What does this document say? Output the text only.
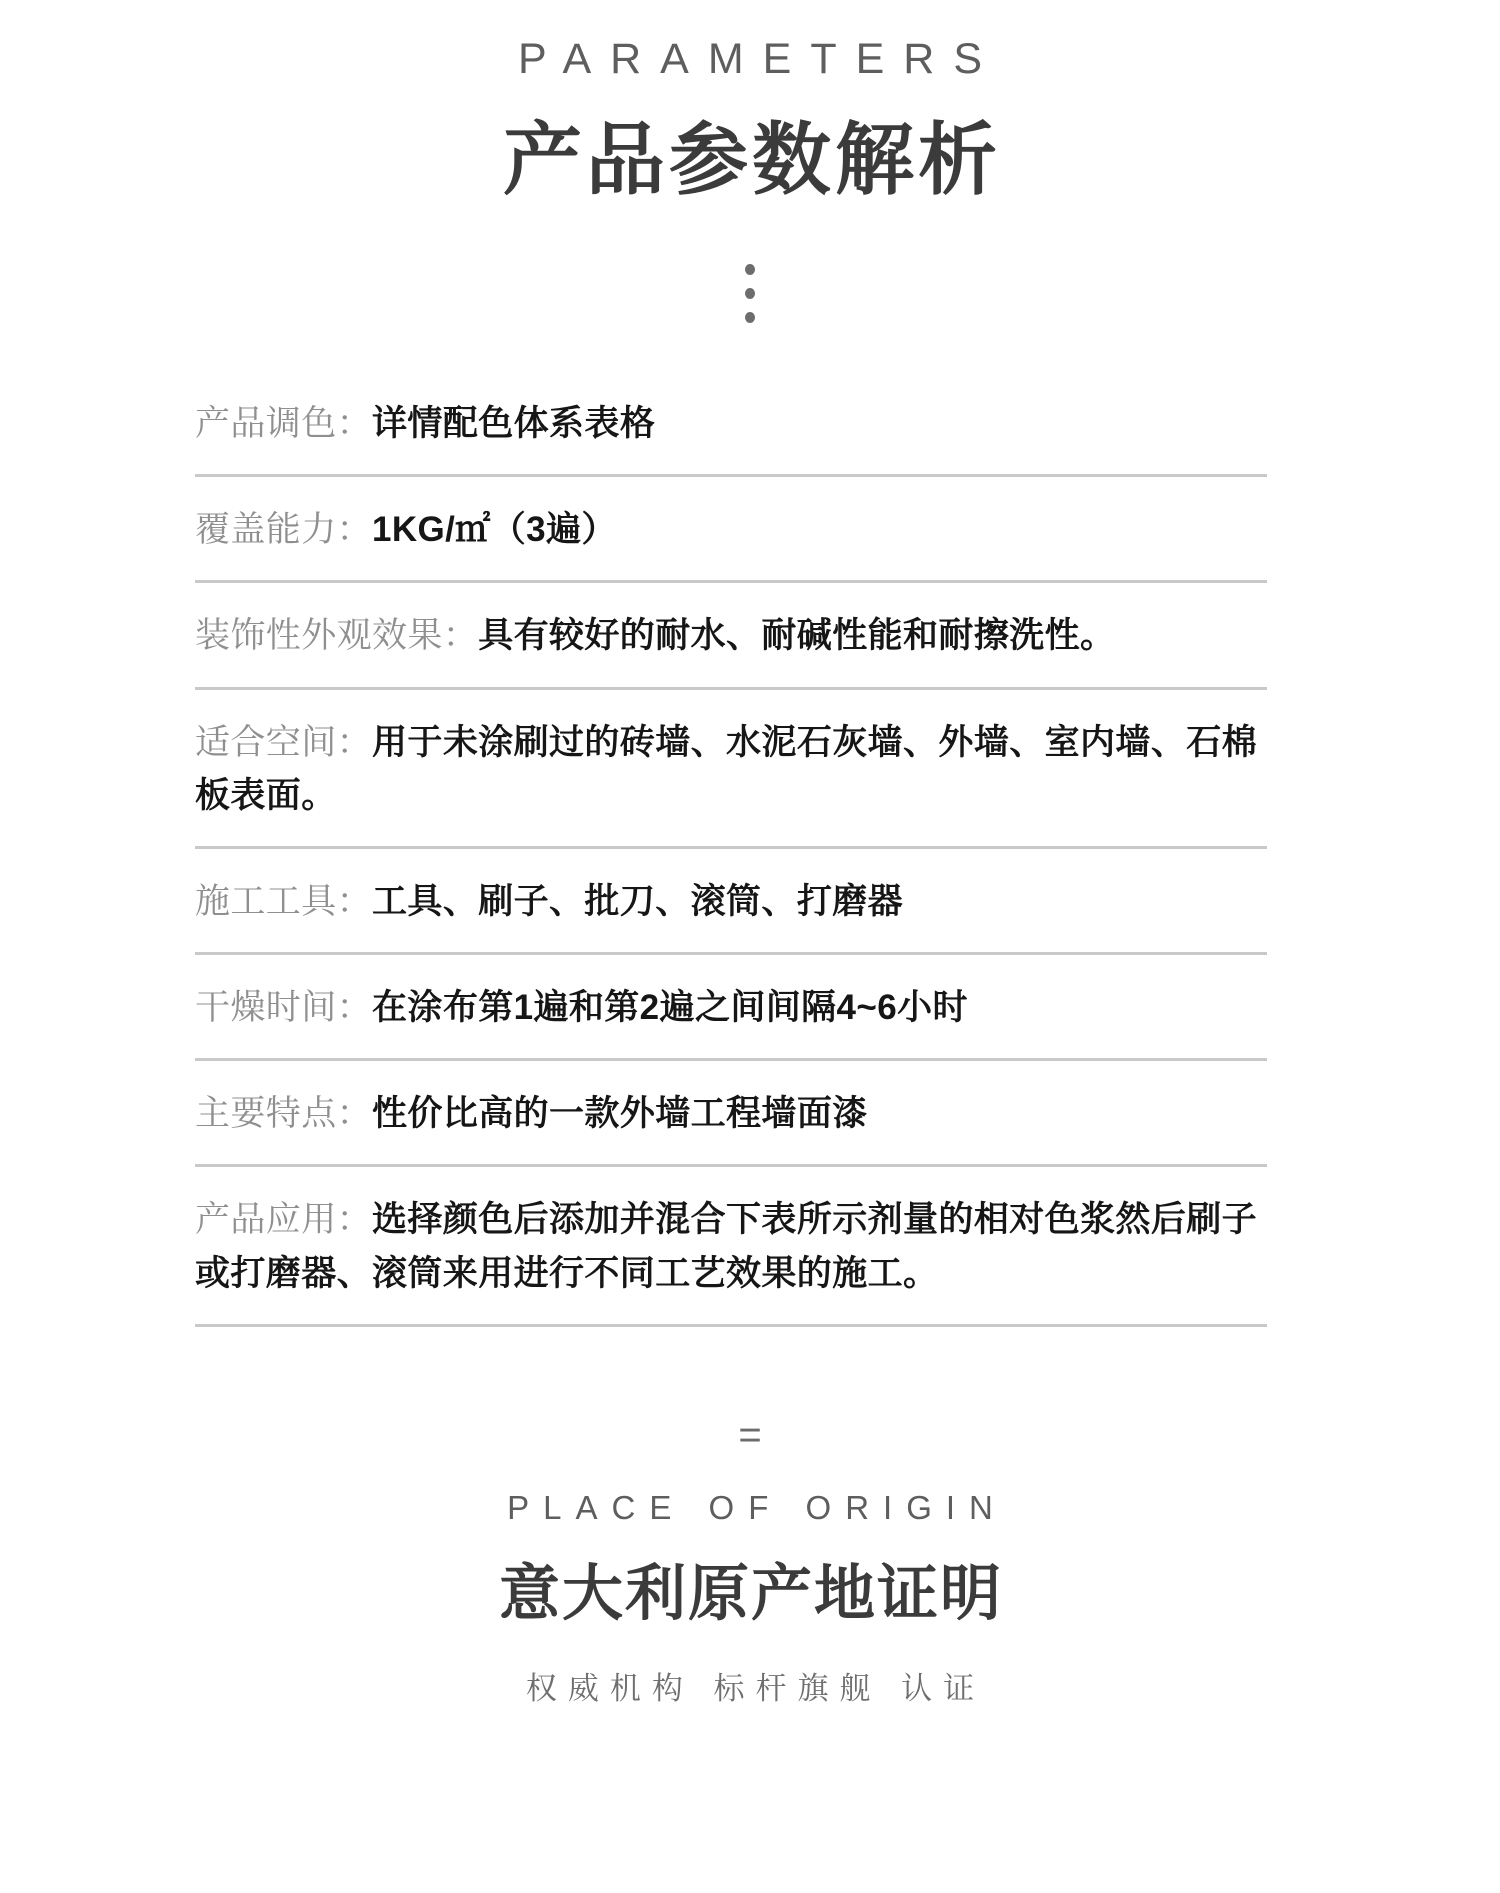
PARAMETERS
产品参数解析
产品调色：详情配色体系表格
覆盖能力：1KG/㎡（3遍）
装饰性外观效果：具有较好的耐水、耐碱性能和耐擦洗性。
适合空间：用于未涂刷过的砖墙、水泥石灰墙、外墙、室内墙、石棉板表面。
施工工具：工具、刷子、批刀、滚筒、打磨器
干燥时间：在涂布第1遍和第2遍之间间隔4~6小时
主要特点：性价比高的一款外墙工程墙面漆
产品应用：选择颜色后添加并混合下表所示剂量的相对色浆然后刷子或打磨器、滚筒来用进行不同工艺效果的施工。
=
PLACE OF ORIGIN
意大利原产地证明
权威机构 标杆旗舰 认证
